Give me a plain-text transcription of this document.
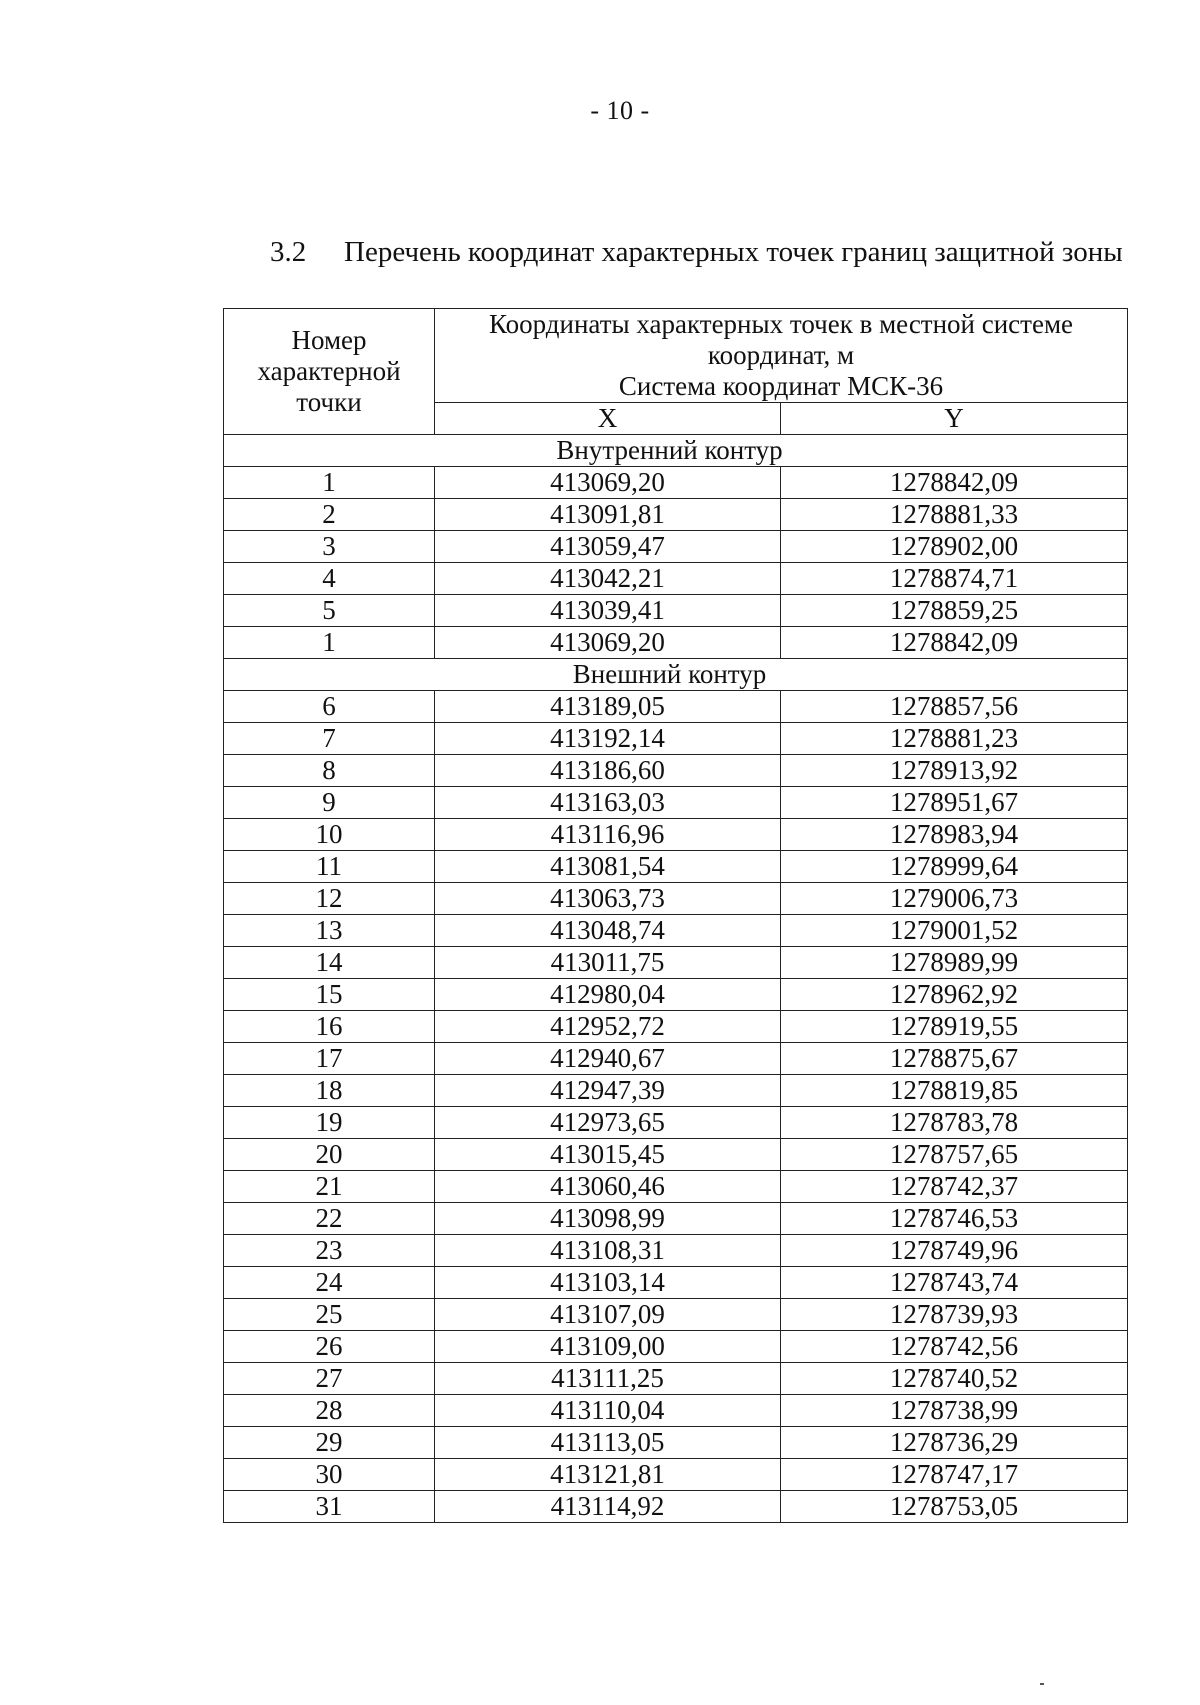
- 10 -
3.2 Перечень координат характерных точек границ защитной зоны
Номер
характерной
точки	Координаты характерных точек в местной системе
координат, м
Система координат МСК-36	

	X	Y
Внутренний контур		
1	413069,20	1278842,09
2	413091,81	1278881,33
3	413059,47	1278902,00
4	413042,21	1278874,71
5	413039,41	1278859,25
1	413069,20	1278842,09
Внешний контур		
6	413189,05	1278857,56
7	413192,14	1278881,23
8	413186,60	1278913,92
9	413163,03	1278951,67
10	413116,96	1278983,94
11	413081,54	1278999,64
12	413063,73	1279006,73
13	413048,74	1279001,52
14	413011,75	1278989,99
15	412980,04	1278962,92
16	412952,72	1278919,55
17	412940,67	1278875,67
18	412947,39	1278819,85
19	412973,65	1278783,78
20	413015,45	1278757,65
21	413060,46	1278742,37
22	413098,99	1278746,53
23	413108,31	1278749,96
24	413103,14	1278743,74
25	413107,09	1278739,93
26	413109,00	1278742,56
27	413111,25	1278740,52
28	413110,04	1278738,99
29	413113,05	1278736,29
30	413121,81	1278747,17
31	413114,92	1278753,05
